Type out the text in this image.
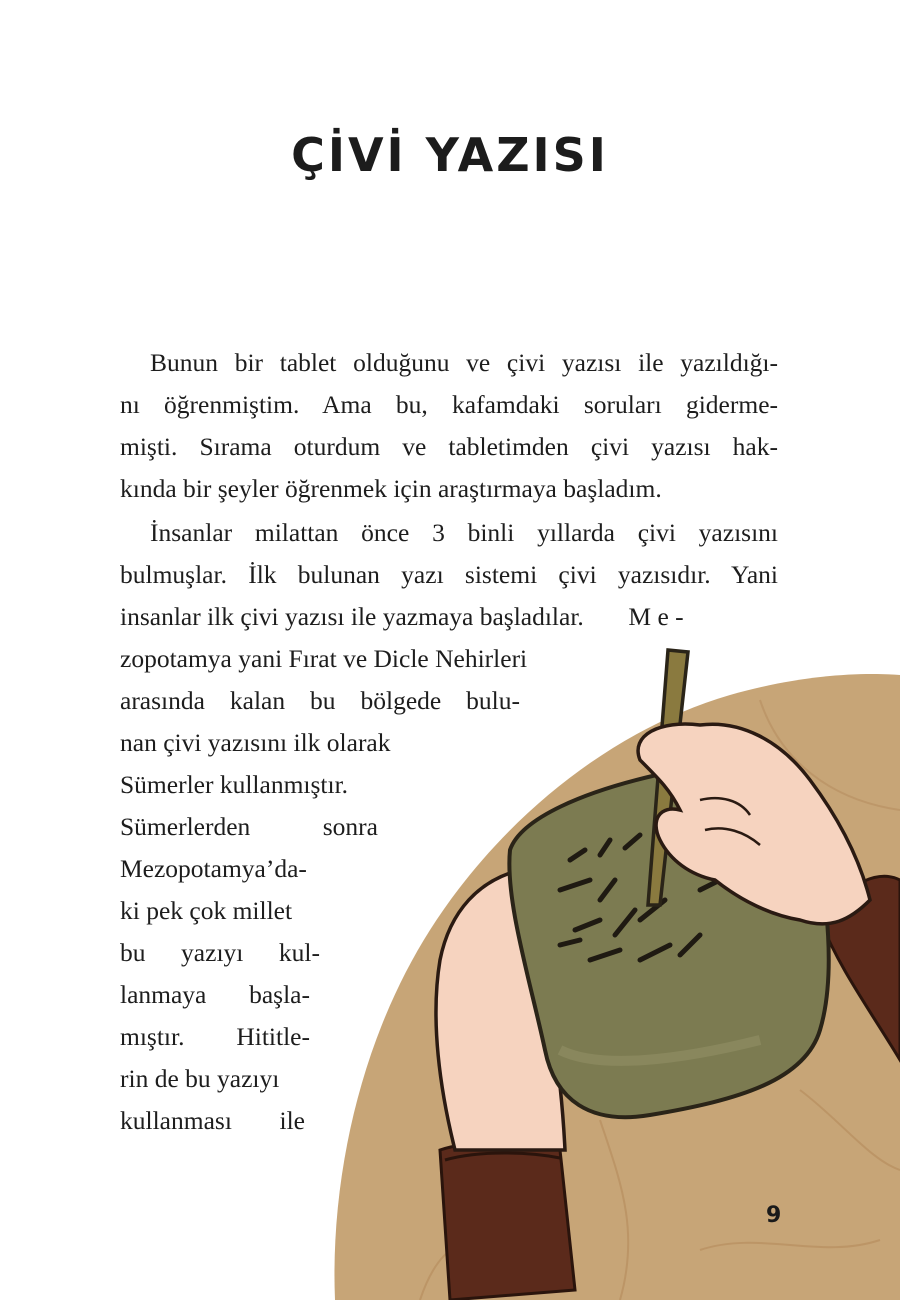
ÇİVİ YAZISI
Bunun bir tablet olduğunu ve çivi yazısı ile yazıldığı-
nı öğrenmiştim. Ama bu, kafamdaki soruları giderme-
mişti. Sırama oturdum ve tabletimden çivi yazısı hak-
kında bir şeyler öğrenmek için araştırmaya başladım.
İnsanlar milattan önce 3 binli yıllarda çivi yazısını
bulmuşlar. İlk bulunan yazı sistemi çivi yazısıdır. Yani
insanlar ilk çivi yazısı ile yazmaya başladılar.       M e -
zopotamya yani Fırat ve Dicle Nehirleri
arasında kalan bu bölgede bulu-
nan çivi yazısını ilk olarak
Sümerler kullanmıştır.
Sümerlerden  sonra
Mezopotamya’da-
ki pek çok millet
bu  yazıyı  kul-
lanmaya  başla-
mıştır. Hititle-
rin de bu yazıyı
kullanması  ile
9
